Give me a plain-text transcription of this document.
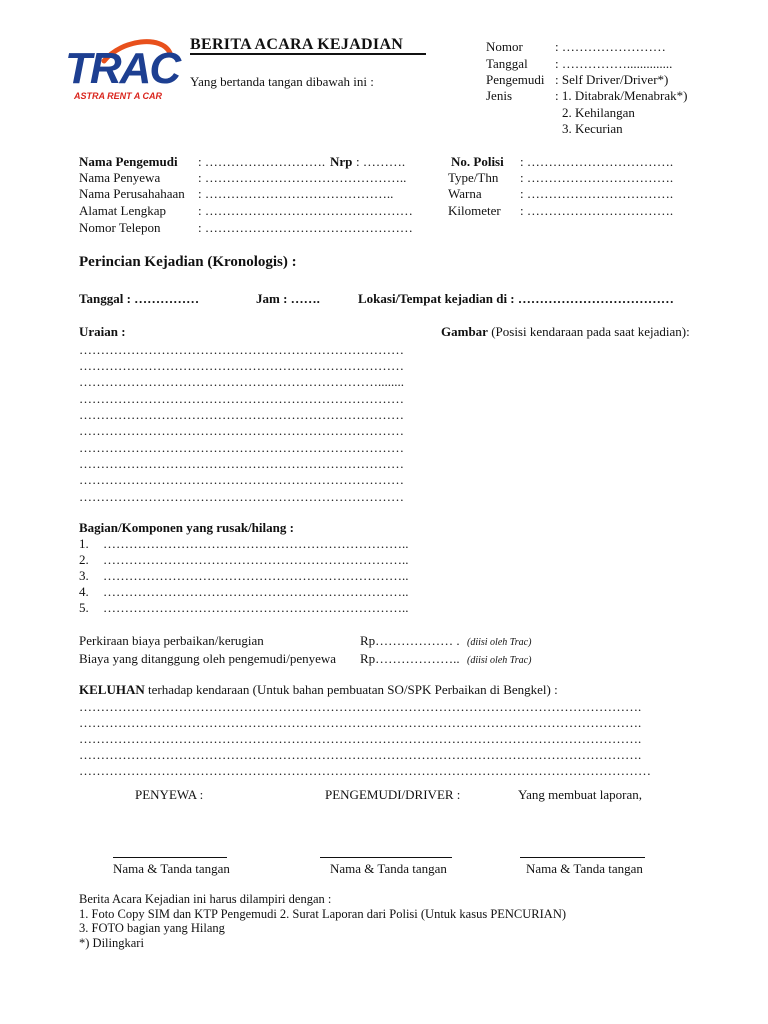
TRAC
ASTRA RENT A CAR
BERITA ACARA KEJADIAN
Yang bertanda tangan dibawah ini :
Nomor : ……………………
Tanggal : ……………..............
Pengemudi : Self Driver/Driver*)
Jenis	: 1. Ditabrak/Menabrak*)
2. Kehilangan
3. Kecurian
Nama Pengemudi : ………………………. Nrp : ……….
Nama Penyewa	: ………………………………………..
Nama Perusahahaan : ……………………………………..
Alamat Lengkap : …………………………………………
Nomor Telepon	: …………………………………………
No. Polisi : …………………………….
Type/Thn : …………………………….
Warna	: …………………………….
Kilometer : …………………………….
Perincian Kejadian (Kronologis) :
Tanggal : ……………	Jam : …….	Lokasi/Tempat kejadian di : ………………………………
Uraian :	Gambar (Posisi kendaraan pada saat kejadian):
…………………………………………………………………
…………………………………………………………………
……………………………………………………………........
…………………………………………………………………
…………………………………………………………………
…………………………………………………………………
…………………………………………………………………
…………………………………………………………………
…………………………………………………………………
…………………………………………………………………
Bagian/Komponen yang rusak/hilang :
1. ……………………………………………………………..
2. ……………………………………………………………..
3. ……………………………………………………………..
4. ……………………………………………………………..
5. ……………………………………………………………..
Perkiraan biaya perbaikan/kerugian	Rp……………… . (diisi oleh Trac)
Biaya yang ditanggung oleh pengemudi/penyewa Rp……………….. (diisi oleh Trac)
KELUHAN terhadap kendaraan (Untuk bahan pembuatan SO/SPK Perbaikan di Bengkel) :
………………………………………………………………………………………………………………….
………………………………………………………………………………………………………………….
………………………………………………………………………………………………………………….
………………………………………………………………………………………………………………….
……………………………………………………………………………………………………………………
PENYEWA :	PENGEMUDI/DRIVER :	Yang membuat laporan,
Nama & Tanda tangan	Nama & Tanda tangan	Nama & Tanda tangan
Berita Acara Kejadian ini harus dilampiri dengan :
1. Foto Copy SIM dan KTP Pengemudi 2. Surat Laporan dari Polisi (Untuk kasus PENCURIAN)
3. FOTO bagian yang Hilang
*) Dilingkari
